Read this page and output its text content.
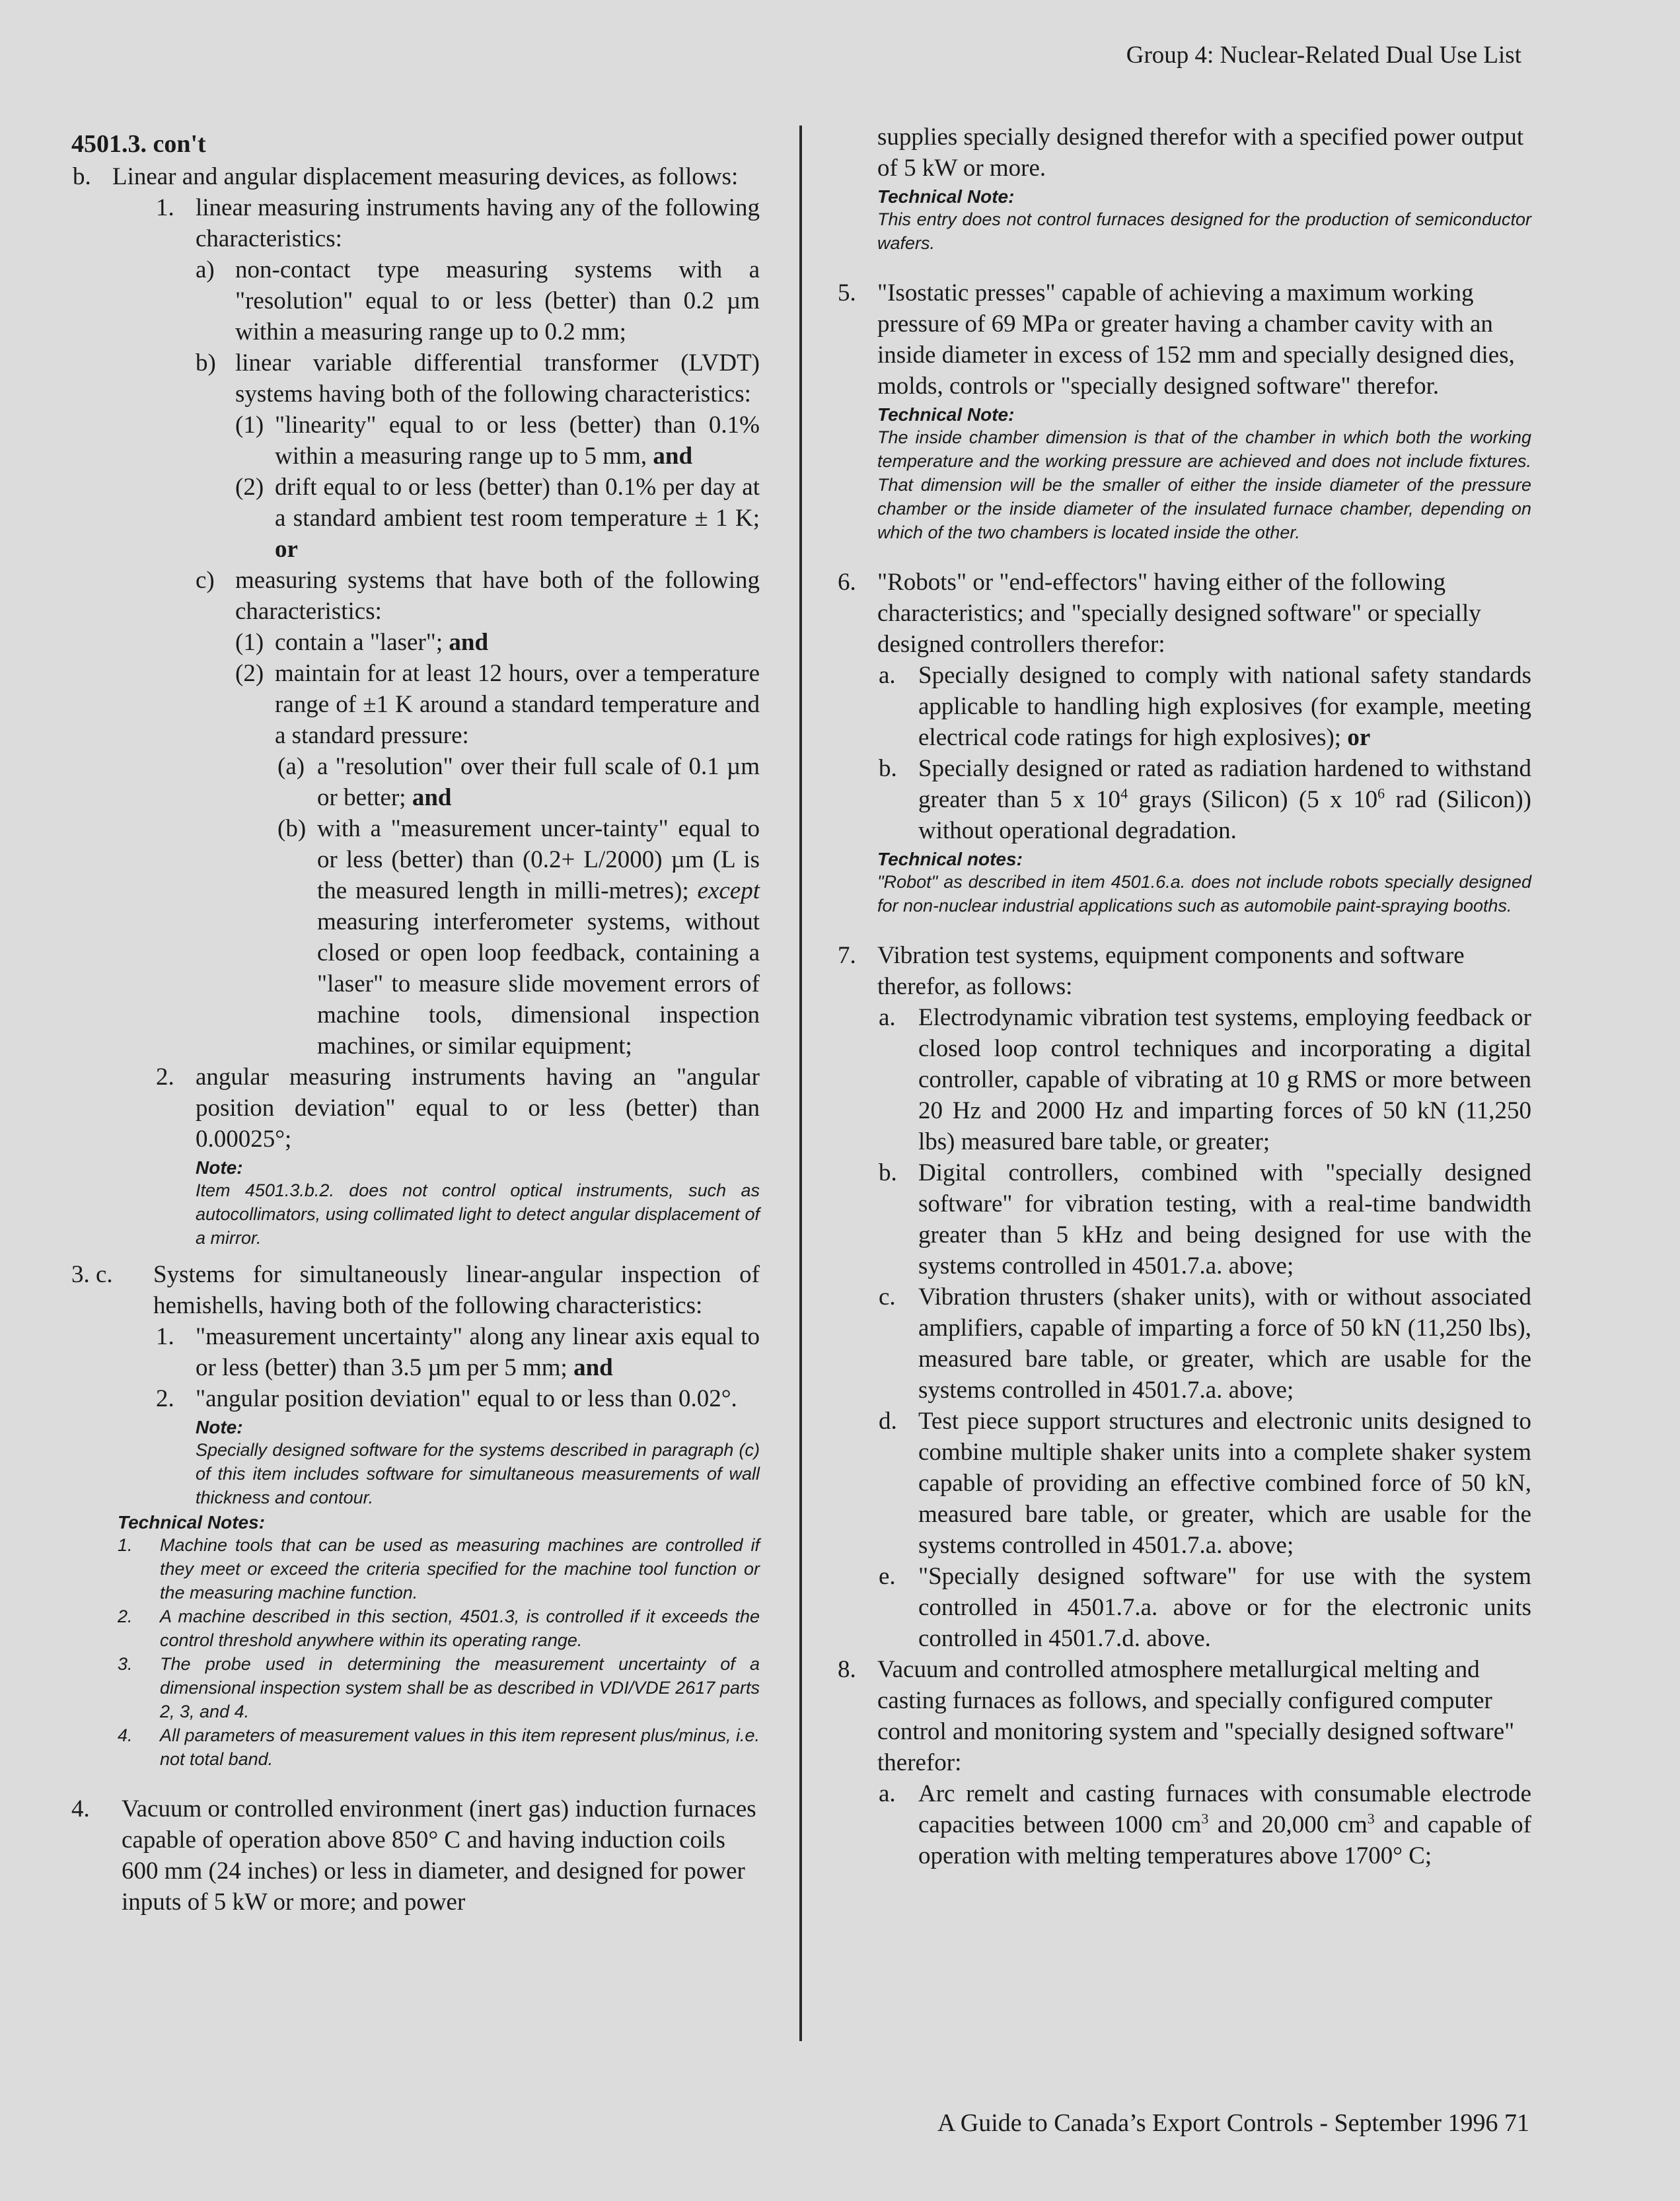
Group 4: Nuclear-Related Dual Use List

4501.3. con't

b. Linear and angular displacement measuring devices, as follows:

1. linear measuring instruments having any of the following characteristics:

a) non-contact type measuring systems with a "resolution" equal to or less (better) than 0.2 µm within a measuring range up to 0.2 mm;

b) linear variable differential transformer (LVDT) systems having both of the following characteristics:

(1) "linearity" equal to or less (better) than 0.1% within a measuring range up to 5 mm, and

(2) drift equal to or less (better) than 0.1% per day at a standard ambient test room temperature ± 1 K; or

c) measuring systems that have both of the following characteristics:

(1) contain a "laser"; and

(2) maintain for at least 12 hours, over a temperature range of ±1 K around a standard temperature and a standard pressure:

(a) a "resolution" over their full scale of 0.1 µm or better; and

(b) with a "measurement uncer-tainty" equal to or less (better) than (0.2+ L/2000) µm (L is the measured length in milli-metres); except measuring interferometer systems, without closed or open loop feedback, containing a "laser" to measure slide movement errors of machine tools, dimensional inspection machines, or similar equipment;

2. angular measuring instruments having an "angular position deviation" equal to or less (better) than 0.00025°;

Note:

Item 4501.3.b.2. does not control optical instruments, such as autocollimators, using collimated light to detect angular displacement of a mirror.

3. c. Systems for simultaneously linear-angular inspection of hemishells, having both of the following characteristics:

1. "measurement uncertainty" along any linear axis equal to or less (better) than 3.5 µm per 5 mm; and

2. "angular position deviation" equal to or less than 0.02°.

Note:

Specially designed software for the systems described in paragraph (c) of this item includes software for simultaneous measurements of wall thickness and contour.

Technical Notes:

1. Machine tools that can be used as measuring machines are controlled if they meet or exceed the criteria specified for the machine tool function or the measuring machine function.

2. A machine described in this section, 4501.3, is controlled if it exceeds the control threshold anywhere within its operating range.

3. The probe used in determining the measurement uncertainty of a dimensional inspection system shall be as described in VDI/VDE 2617 parts 2, 3, and 4.

4. All parameters of measurement values in this item represent plus/minus, i.e. not total band.

4. Vacuum or controlled environment (inert gas) induction furnaces capable of operation above 850° C and having induction coils 600 mm (24 inches) or less in diameter, and designed for power inputs of 5 kW or more; and power

supplies specially designed therefor with a specified power output of 5 kW or more.

Technical Note:

This entry does not control furnaces designed for the production of semiconductor wafers.

5. "Isostatic presses" capable of achieving a maximum working pressure of 69 MPa or greater having a chamber cavity with an inside diameter in excess of 152 mm and specially designed dies, molds, controls or "specially designed software" therefor.

Technical Note:

The inside chamber dimension is that of the chamber in which both the working temperature and the working pressure are achieved and does not include fixtures. That dimension will be the smaller of either the inside diameter of the pressure chamber or the inside diameter of the insulated furnace chamber, depending on which of the two chambers is located inside the other.

6. "Robots" or "end-effectors" having either of the following characteristics; and "specially designed software" or specially designed controllers therefor:

a. Specially designed to comply with national safety standards applicable to handling high explosives (for example, meeting electrical code ratings for high explosives); or

b. Specially designed or rated as radiation hardened to withstand greater than 5 x $10^4$ grays (Silicon) (5 x $10^6$ rad (Silicon)) without operational degradation.

Technical notes:

"Robot" as described in item 4501.6.a. does not include robots specially designed for non-nuclear industrial applications such as automobile paint-spraying booths.

7. Vibration test systems, equipment components and software therefor, as follows:

a. Electrodynamic vibration test systems, employing feedback or closed loop control techniques and incorporating a digital controller, capable of vibrating at 10 g RMS or more between 20 Hz and 2000 Hz and imparting forces of 50 kN (11,250 lbs) measured bare table, or greater;

b. Digital controllers, combined with "specially designed software" for vibration testing, with a real-time bandwidth greater than 5 kHz and being designed for use with the systems controlled in 4501.7.a. above;

c. Vibration thrusters (shaker units), with or without associated amplifiers, capable of imparting a force of 50 kN (11,250 lbs), measured bare table, or greater, which are usable for the systems controlled in 4501.7.a. above;

d. Test piece support structures and electronic units designed to combine multiple shaker units into a complete shaker system capable of providing an effective combined force of 50 kN, measured bare table, or greater, which are usable for the systems controlled in 4501.7.a. above;

e. "Specially designed software" for use with the system controlled in 4501.7.a. above or for the electronic units controlled in 4501.7.d. above.

8. Vacuum and controlled atmosphere metallurgical melting and casting furnaces as follows, and specially configured computer control and monitoring system and "specially designed software" therefor:

a. Arc remelt and casting furnaces with consumable electrode capacities between 1000 $cm^3$ and 20,000 $cm^3$ and capable of operation with melting temperatures above 1700° C;

A Guide to Canada’s Export Controls - September 1996 71
